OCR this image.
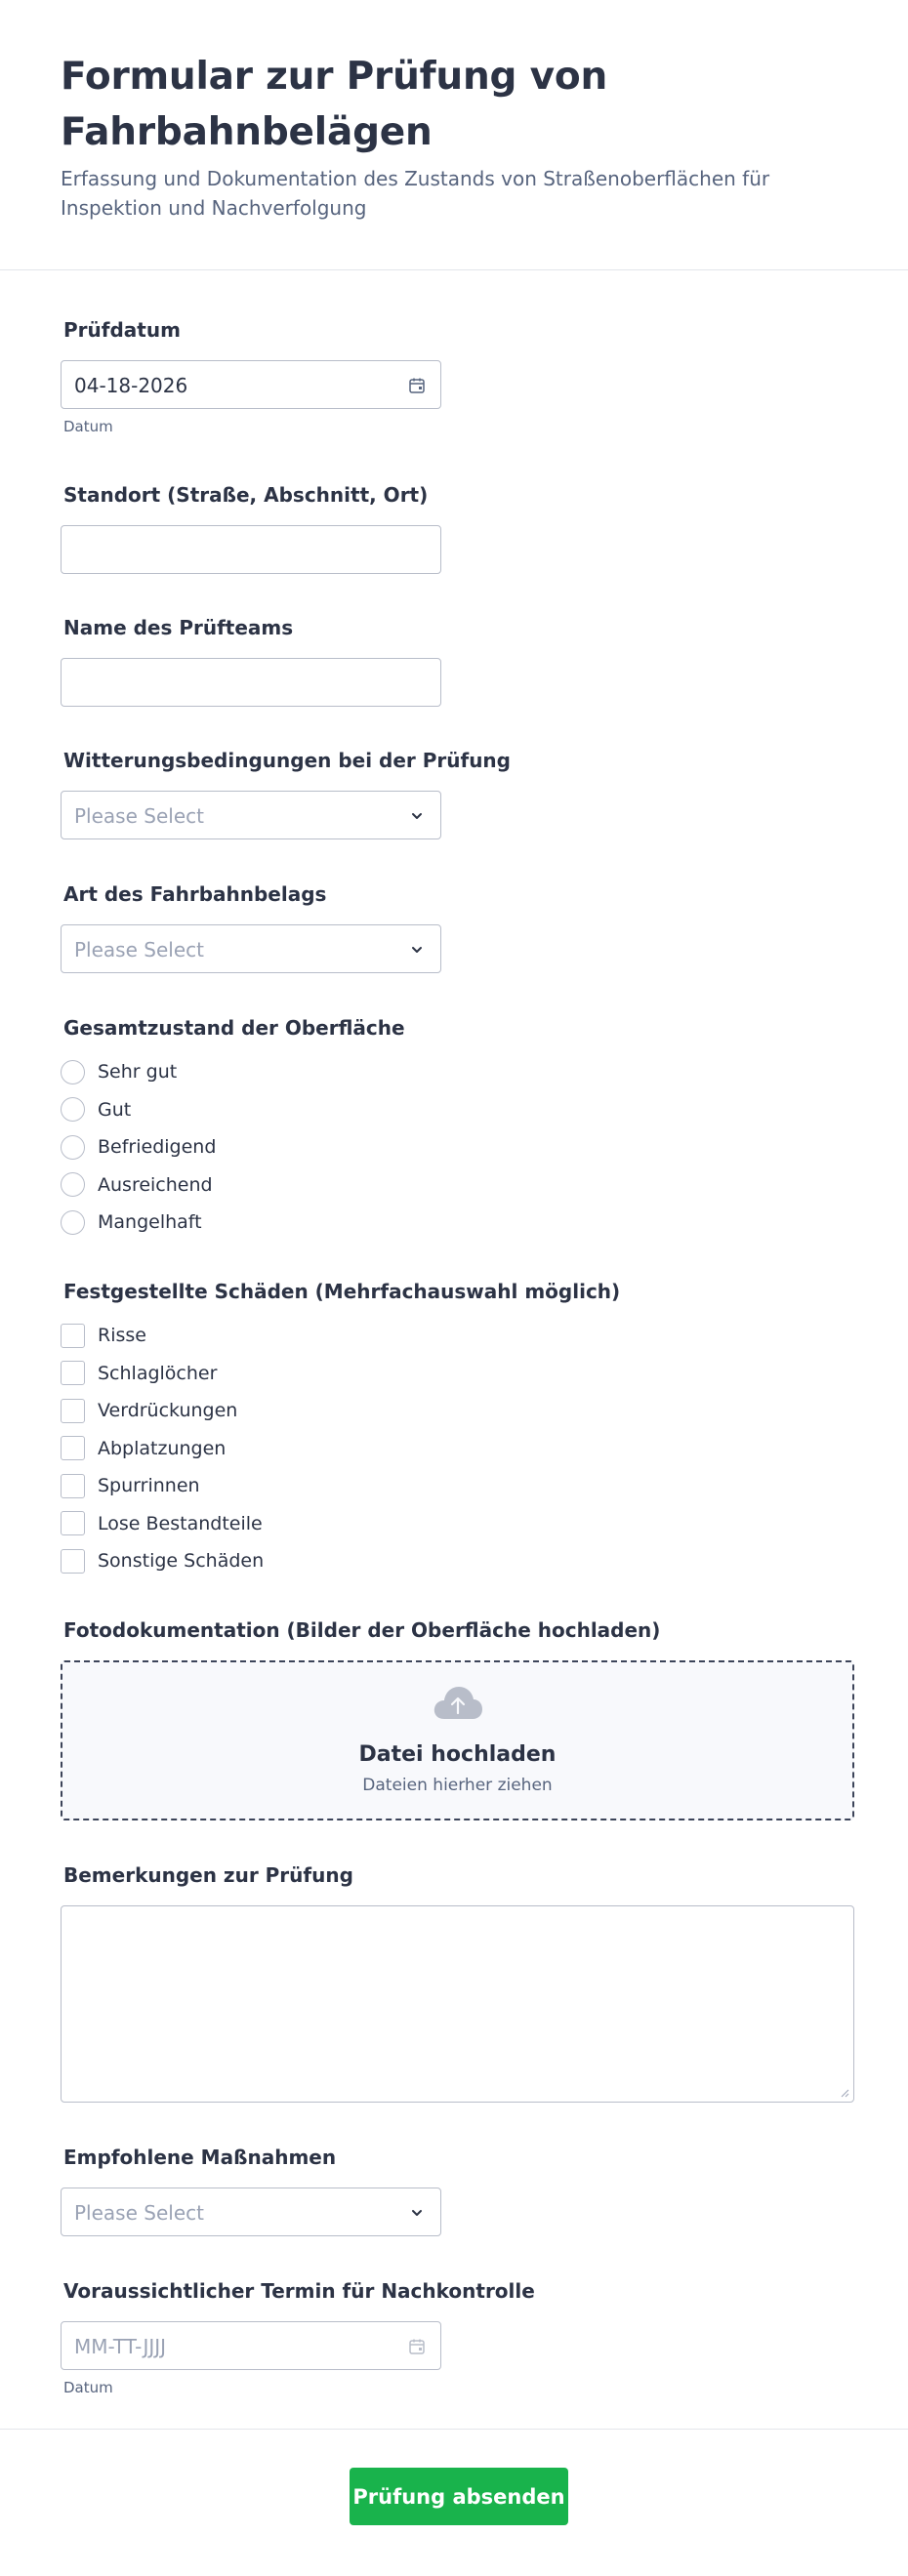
Formular zur Prüfung von Fahrbahnbelägen
Erfassung und Dokumentation des Zustands von Straßenoberflächen für Inspektion und Nachverfolgung
Prüfdatum
04-18-2026
Datum
Standort (Straße, Abschnitt, Ort)
Name des Prüfteams
Witterungsbedingungen bei der Prüfung
Please Select
Art des Fahrbahnbelags
Please Select
Gesamtzustand der Oberfläche
Sehr gut
Gut
Befriedigend
Ausreichend
Mangelhaft
Festgestellte Schäden (Mehrfachauswahl möglich)
Risse
Schlaglöcher
Verdrückungen
Abplatzungen
Spurrinnen
Lose Bestandteile
Sonstige Schäden
Fotodokumentation (Bilder der Oberfläche hochladen)
Datei hochladen
Dateien hierher ziehen
Bemerkungen zur Prüfung
Empfohlene Maßnahmen
Please Select
Voraussichtlicher Termin für Nachkontrolle
MM-TT-JJJJ
Datum
Prüfung absenden
